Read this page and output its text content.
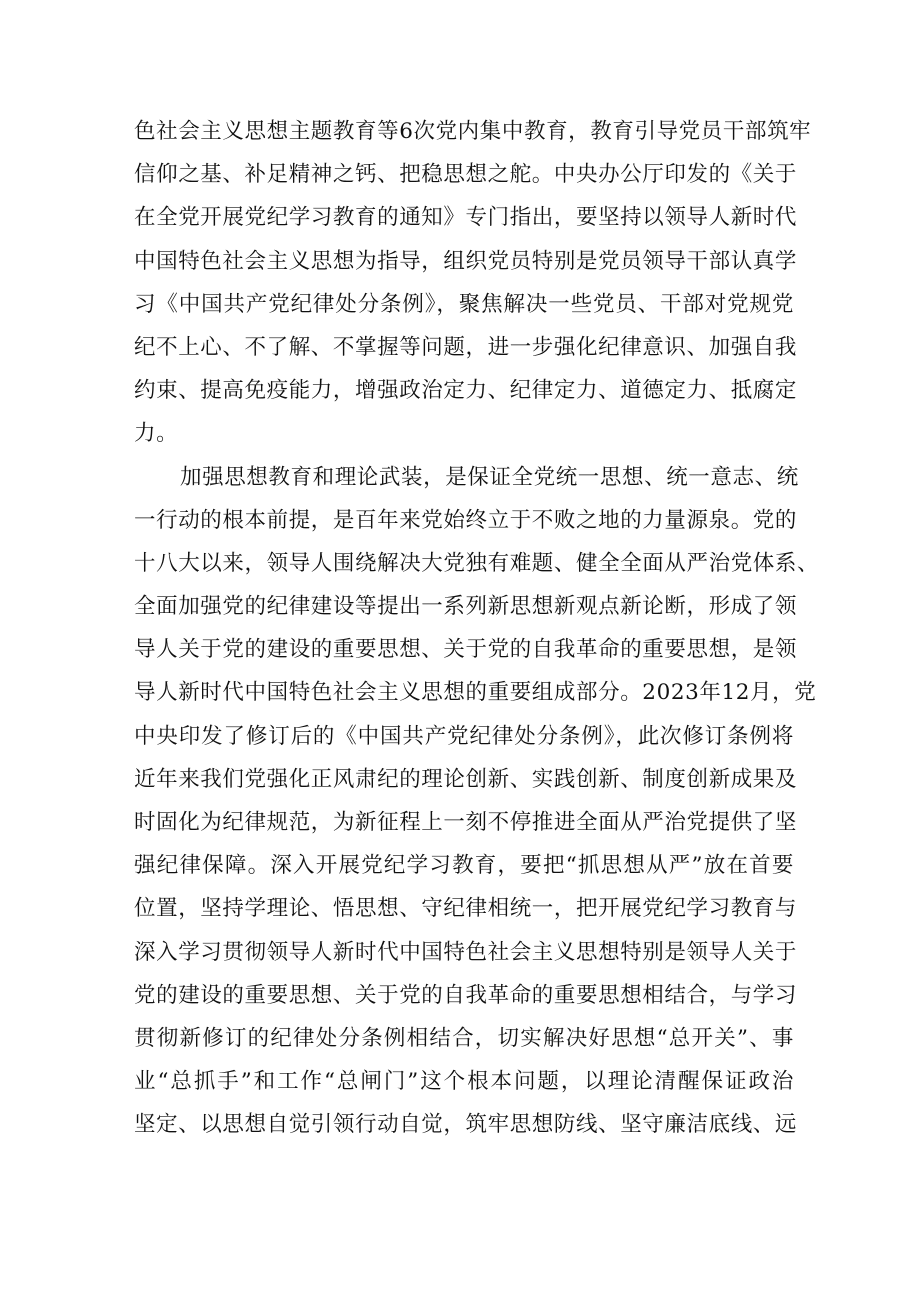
色社会主义思想主题教育等6次党内集中教育，教育引导党员干部筑牢
信仰之基、补足精神之钙、把稳思想之舵。中央办公厅印发的《关于
在全党开展党纪学习教育的通知》专门指出，要坚持以领导人新时代
中国特色社会主义思想为指导，组织党员特别是党员领导干部认真学
习《中国共产党纪律处分条例》，聚焦解决一些党员、干部对党规党
纪不上心、不了解、不掌握等问题，进一步强化纪律意识、加强自我
约束、提高免疫能力，增强政治定力、纪律定力、道德定力、抵腐定
力。
加强思想教育和理论武装，是保证全党统一思想、统一意志、统
一行动的根本前提，是百年来党始终立于不败之地的力量源泉。党的
十八大以来，领导人围绕解决大党独有难题、健全全面从严治党体系、
全面加强党的纪律建设等提出一系列新思想新观点新论断，形成了领
导人关于党的建设的重要思想、关于党的自我革命的重要思想，是领
导人新时代中国特色社会主义思想的重要组成部分。2023年12月，党
中央印发了修订后的《中国共产党纪律处分条例》，此次修订条例将
近年来我们党强化正风肃纪的理论创新、实践创新、制度创新成果及
时固化为纪律规范，为新征程上一刻不停推进全面从严治党提供了坚
强纪律保障。深入开展党纪学习教育，要把“抓思想从严”放在首要
位置，坚持学理论、悟思想、守纪律相统一，把开展党纪学习教育与
深入学习贯彻领导人新时代中国特色社会主义思想特别是领导人关于
党的建设的重要思想、关于党的自我革命的重要思想相结合，与学习
贯彻新修订的纪律处分条例相结合，切实解决好思想“总开关”、事
业“总抓手”和工作“总闸门”这个根本问题，以理论清醒保证政治
坚定、以思想自觉引领行动自觉，筑牢思想防线、坚守廉洁底线、远
